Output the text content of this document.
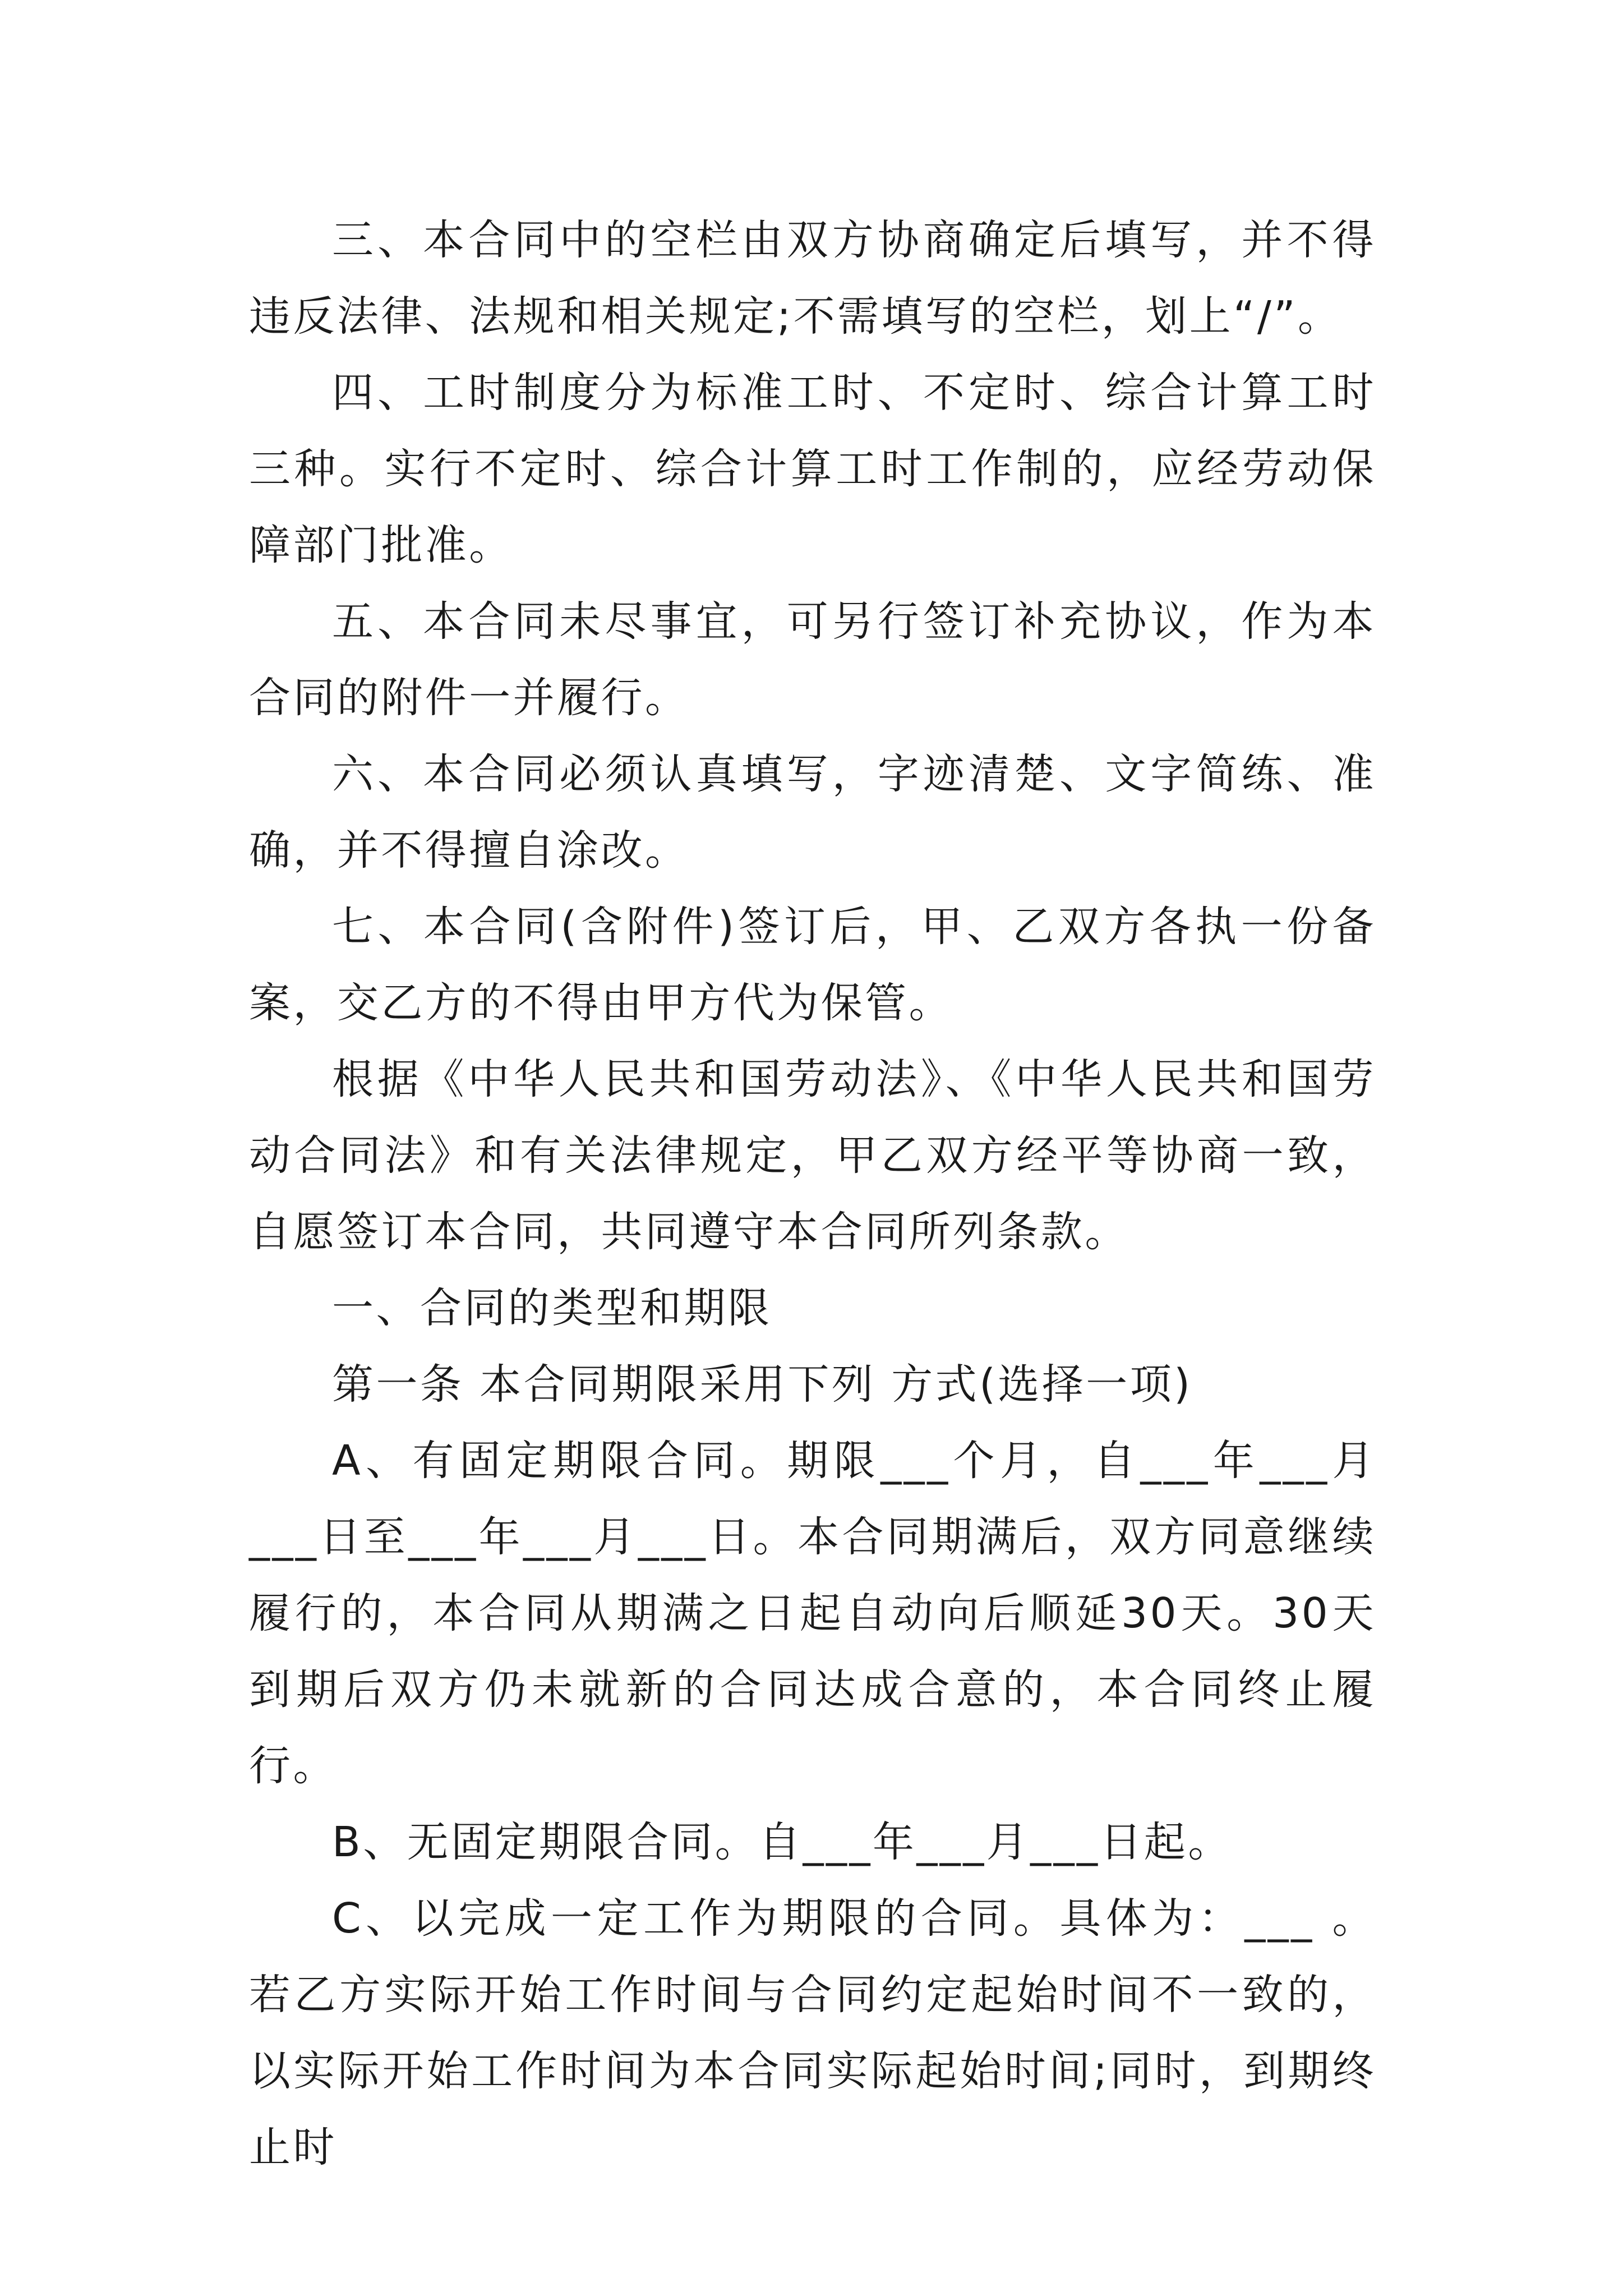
三、本合同中的空栏由双方协商确定后填写，并不得违反法律、法规和相关规定;不需填写的空栏，划上“/”。

四、工时制度分为标准工时、不定时、综合计算工时三种。实行不定时、综合计算工时工作制的，应经劳动保障部门批准。

五、本合同未尽事宜，可另行签订补充协议，作为本合同的附件一并履行。

六、本合同必须认真填写，字迹清楚、文字简练、准确，并不得擅自涂改。

七、本合同(含附件)签订后，甲、乙双方各执一份备案，交乙方的不得由甲方代为保管。

根据《中华人民共和国劳动法》、《中华人民共和国劳动合同法》和有关法律规定，甲乙双方经平等协商一致，自愿签订本合同，共同遵守本合同所列条款。

一、合同的类型和期限

第一条 本合同期限采用下列 方式(选择一项)

A、有固定期限合同。期限___个月，自___年___月___日至___年___月___日。本合同期满后，双方同意继续履行的，本合同从期满之日起自动向后顺延30天。30天到期后双方仍未就新的合同达成合意的，本合同终止履行。

B、无固定期限合同。自___年___月___日起。

C、以完成一定工作为期限的合同。具体为：___ 。 若乙方实际开始工作时间与合同约定起始时间不一致的，以实际开始工作时间为本合同实际起始时间;同时，到期终止时
